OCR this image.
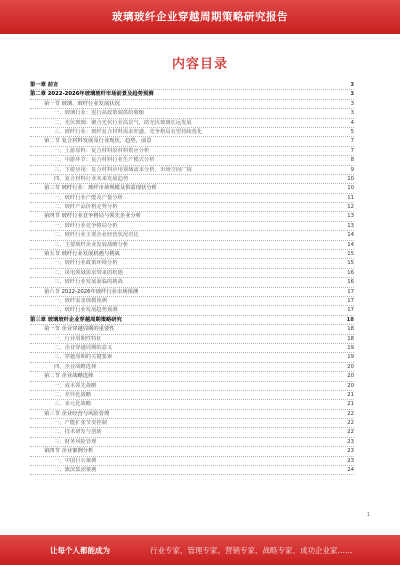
玻璃玻纤企业穿越周期策略研究报告
内容目录
第一章 前言	3
第二章 2022-2026年玻璃玻纤市场前景及趋势预测	3
第一节 玻璃、玻纤行业发展状况	3
一、玻璃行业：进行从政策端供给收缩	3
二、光伏玻璃：聚合光伏行业高景气，助光伏玻璃长远发展	4
三、玻纤行业：玻纤复合材料需求旺盛，竞争格局有望持续优化	5
第二节 复合材料发展及行业现状，趋势，前景	7
一、上游原料：复合材料原材料供应分析	7
二、中游环节：复合材料行业生产模式分析	8
三、下游应用：复合材料应用领域需求分析，市场空间广阔	9
四、复合材料行业未来发展趋势	10
第三节 玻纤行业：玻纤市场规模及供需现状分析	10
一、玻纤行业产能及产量分析	11
二、玻纤产品价格走势分析	12
第四节 玻纤行业竞争格局与领先企业分析	13
一、玻纤行业竞争格局分析	13
二、玻纤行业主要企业经营状况对比	14
三、主要玻纤企业发展战略分析	14
第五节 玻纤行业发展机遇与挑战	15
一、玻纤行业政策环境分析	15
二、风电领域需求带来的机遇	16
三、玻纤行业发展面临的挑战	16
第六节 2022-2026年玻纤行业市场预测	17
一、玻纤需求规模预测	17
二、玻纤行业发展趋势预测	17
第三章 玻璃玻纤企业穿越周期策略研究	18
第一节 企业穿越周期的重要性	18
一、行业周期性特征	18
二、企业穿越周期的意义	19
三、穿越周期的关键要素	19
四、企业战略选择	20
第二节 企业战略选择	20
一、成本领先战略	20
二、差异化战略	21
三、多元化战略	21
第三节 企业经营与风险管理	22
一、产能扩张节奏控制	22
二、技术研发与创新	22
三、财务风险管理	23
第四节 企业案例分析	23
一、中国巨石案例	23
二、旗滨集团案例	24
1
让每个人都能成为	行业专家、管理专家、营销专家、战略专家、成功企业家……
